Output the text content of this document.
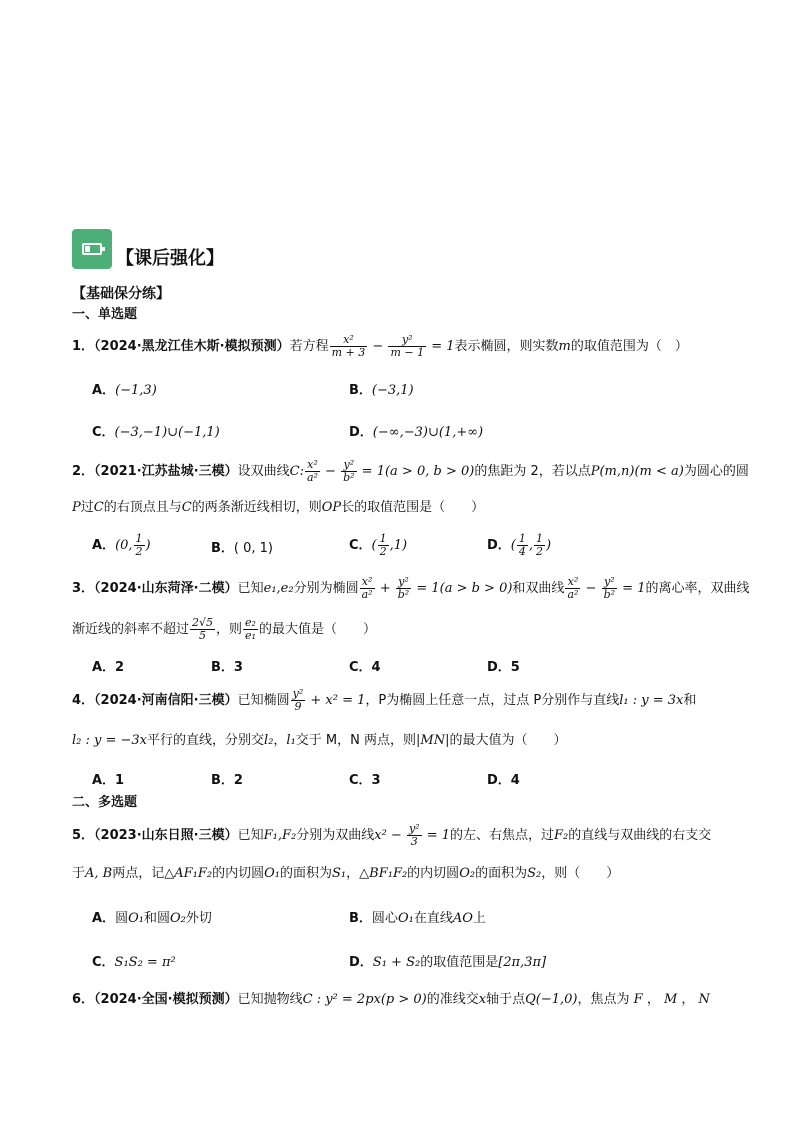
【课后强化】
【基础保分练】
一、单选题
1．（2024·黑龙江佳木斯·模拟预测）若方程 $\frac{\text{x²}}{m + 3} - \frac{\text{y²}}{m - 1} = 1$表示椭圆，则实数m的取值范围为（　）
A．(−1,3)	B．(−3,1)
C．(−3,−1)∪(−1,1)	D．(−∞,−3)∪(1,+∞)
2．（2021·江苏盐城·三模）设双曲线C: $\frac{\text{x²}}{\text{a²}} - \frac{\text{y²}}{\text{b²}} = 1(a > 0$, b > 0)的焦距为 2，若以点P(m,n)(m < a)为圆心的圆
P过C的右顶点且与C的两条渐近线相切，则OP长的取值范围是（　　）
A．(0, $\frac{1}{2}$ )	B．( 0, 1)	C．( $\frac{1}{2} ,1$)	D．( $\frac{1}{4}$ , $\frac{1}{2}$ )
3．（2024·山东菏泽·二模）已知e₁,e₂分别为椭圆 $\frac{\text{x²}}{\text{a²}} + \frac{\text{y²}}{\text{b²}} = 1(a > b > 0)$和双曲线 $\frac{\text{x²}}{\text{a²}} - \frac{\text{y²}}{\text{b²}} = 1$的离心率，双曲线
渐近线的斜率不超过 $\frac{2√5}{5}$ ，则 $\frac{\text{e₂}}{\text{e₁}}$ 的最大值是（　　）
A．2	B．3	C．4	D．5
4．（2024·河南信阳·三模）已知椭圆 $\frac{\text{y²}}{9} + x^2 = 1$，P为椭圆上任意一点，过点 P分别作与直线l₁ : y = 3x和
l₂ : y = −3x平行的直线，分别交l₂，l₁交于 M，N 两点，则|MN|的最大值为（　　）
A．1	B．2	C．3	D．4
二、多选题
5．（2023·山东日照·三模）已知F₁,F₂分别为双曲线$x^2 - \frac{\text{y²}}{3} = 1$的左、右焦点，过F₂的直线与双曲线的右支交
于A, B两点，记△AF₁F₂的内切圆O₁的面积为S₁，△BF₁F₂的内切圆O₂的面积为S₂，则（　　）
A．圆O₁和圆O₂外切	B．圆心O₁在直线AO上
C．S₁S₂ = π²	D．S₁ + S₂的取值范围是[2π,3π]
6．（2024·全国·模拟预测）已知抛物线C : y² = 2px(p > 0)的准线交x轴于点Q(−1,0)，焦点为 F ， M ， N
